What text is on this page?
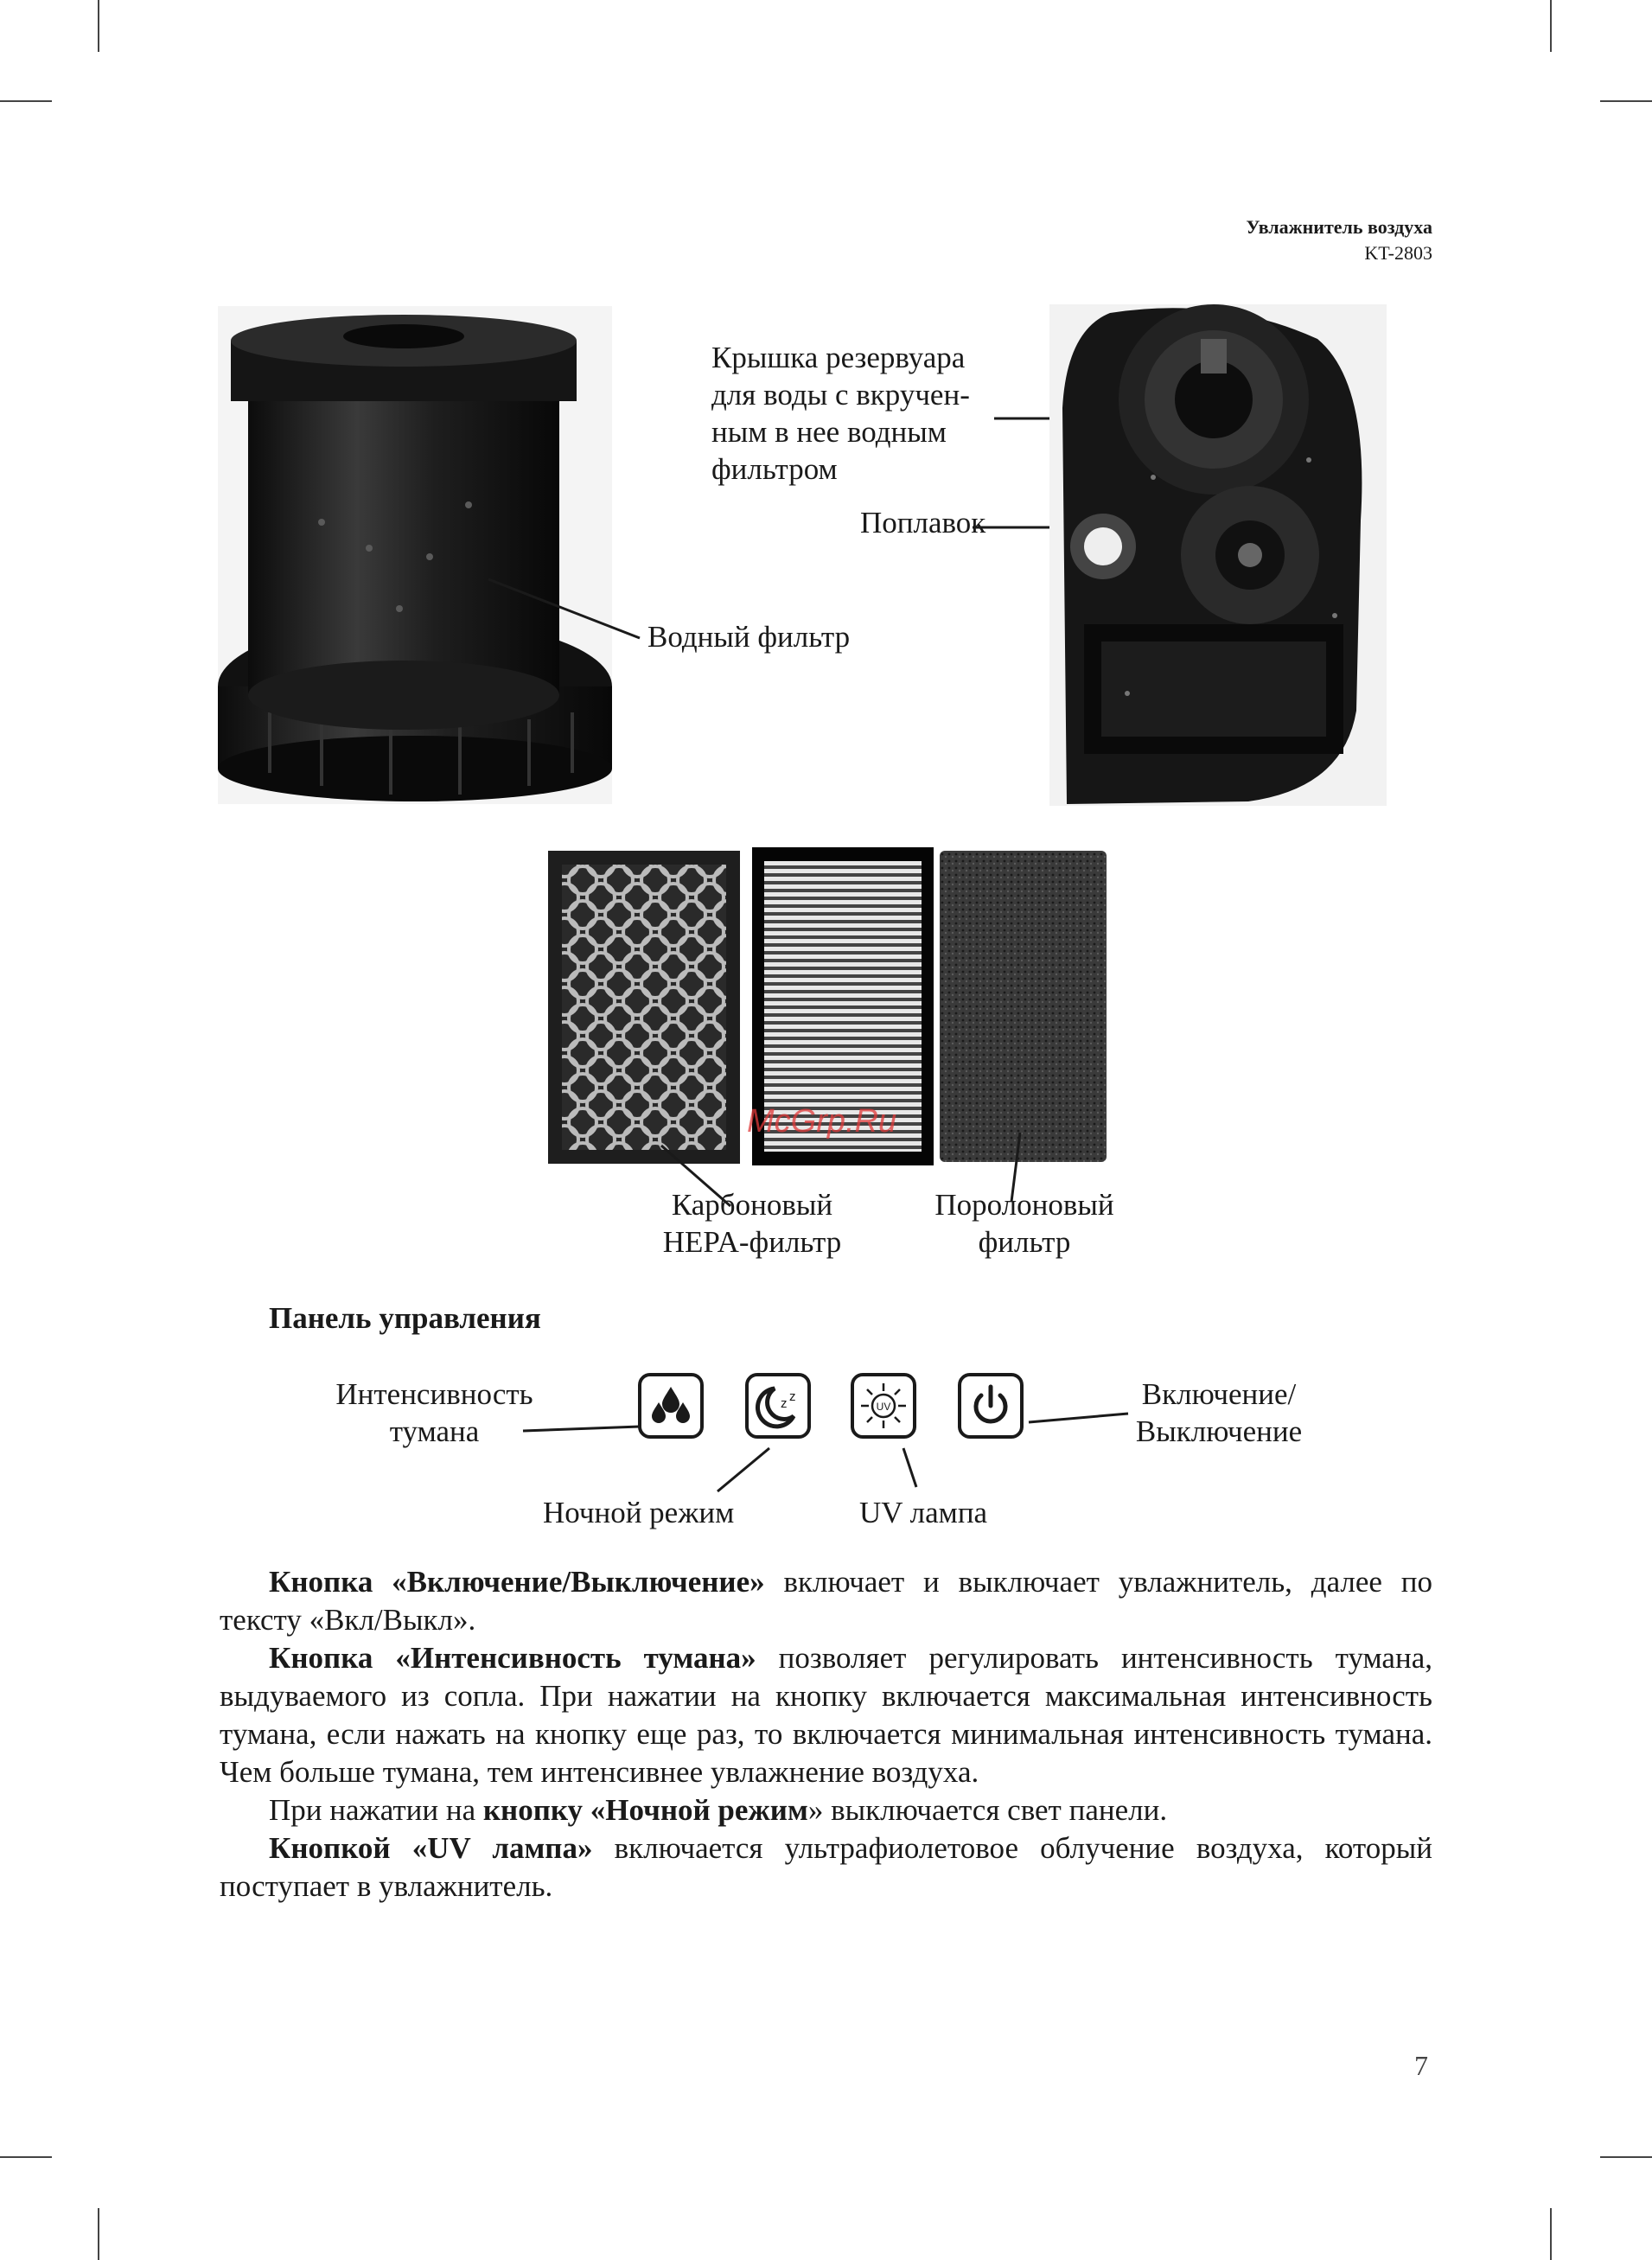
Увлажнитель воздуха
KT-2803
Водный фильтр
Крышка резервуара
для воды с вкручен-
ным в нее водным
фильтром
Поплавок
McGrp.Ru
Карбоновый
HEPA-фильтр
Поролоновый
фильтр
Панель управления
Интенсивность
тумана
Включение/
Выключение
Ночной режим	UV лампа
z z
UV
Кнопка «Включение/Выключение» включает и выключает увлажнитель, далее по тексту «Вкл/Выкл».
Кнопка «Интенсивность тумана» позволяет регулировать интенсивность тумана, выдуваемого из сопла. При нажатии на кнопку включается максимальная интенсивность тумана, если нажать на кнопку еще раз, то включается минимальная интенсивность тумана. Чем больше тумана, тем интенсивнее увлажнение воздуха.
При нажатии на кнопку «Ночной режим» выключается свет панели.
Кнопкой «UV лампа» включается ультрафиолетовое облучение воздуха, который поступает в увлажнитель.
7
